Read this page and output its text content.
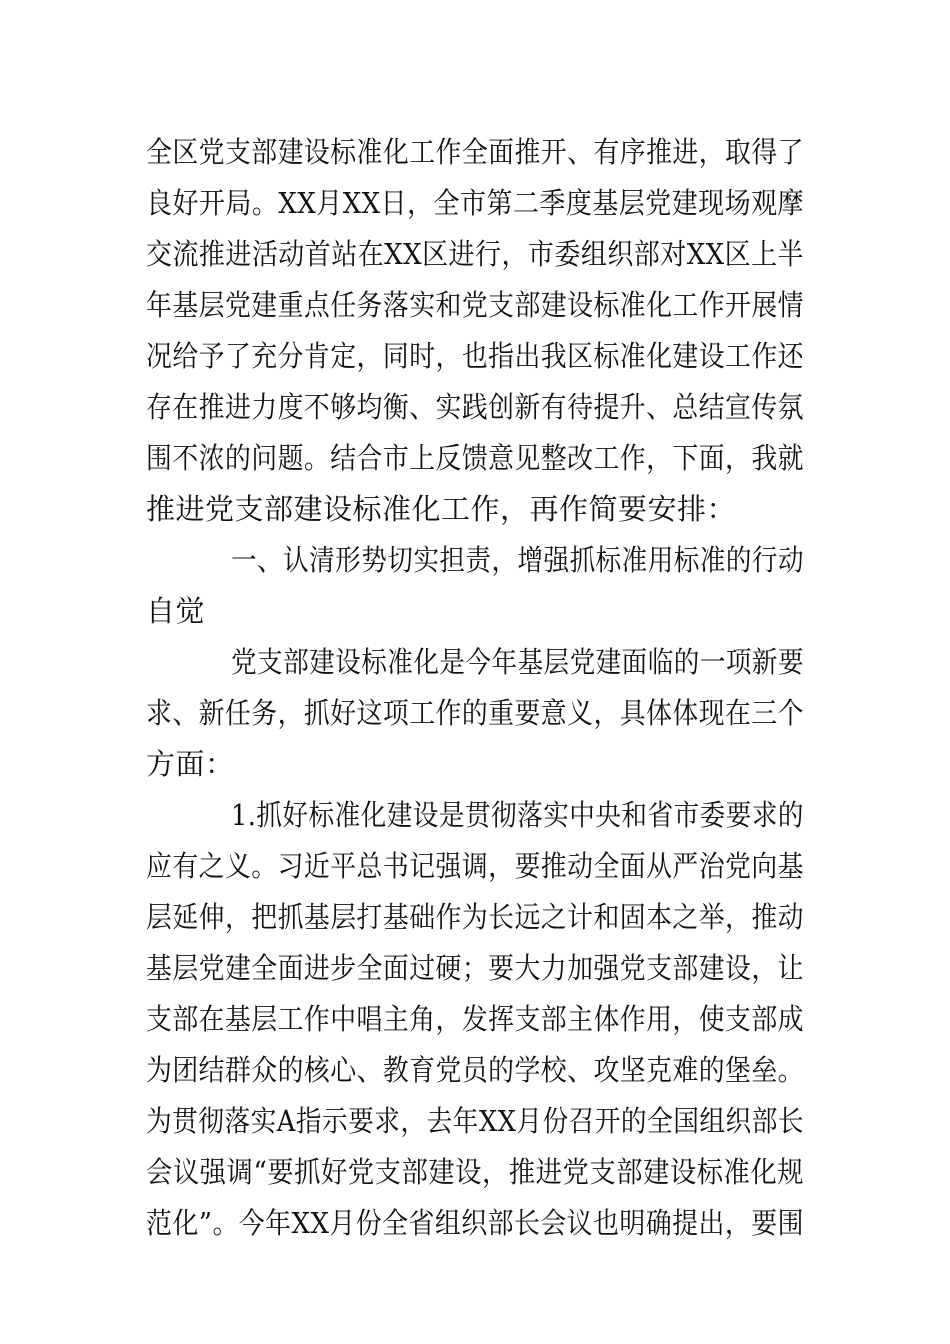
全区党支部建设标准化工作全面推开、有序推进，取得了
良好开局。XX月XX日，全市第二季度基层党建现场观摩
交流推进活动首站在XX区进行，市委组织部对XX区上半
年基层党建重点任务落实和党支部建设标准化工作开展情
况给予了充分肯定，同时，也指出我区标准化建设工作还
存在推进力度不够均衡、实践创新有待提升、总结宣传氛
围不浓的问题。结合市上反馈意见整改工作，下面，我就
推进党支部建设标准化工作，再作简要安排：
一、认清形势切实担责，增强抓标准用标准的行动
自觉
党支部建设标准化是今年基层党建面临的一项新要
求、新任务，抓好这项工作的重要意义，具体体现在三个
方面：
1.抓好标准化建设是贯彻落实中央和省市委要求的
应有之义。习近平总书记强调，要推动全面从严治党向基
层延伸，把抓基层打基础作为长远之计和固本之举，推动
基层党建全面进步全面过硬；要大力加强党支部建设，让
支部在基层工作中唱主角，发挥支部主体作用，使支部成
为团结群众的核心、教育党员的学校、攻坚克难的堡垒。
为贯彻落实A指示要求，去年XX月份召开的全国组织部长
会议强调“要抓好党支部建设，推进党支部建设标准化规
范化”。今年XX月份全省组织部长会议也明确提出，要围
